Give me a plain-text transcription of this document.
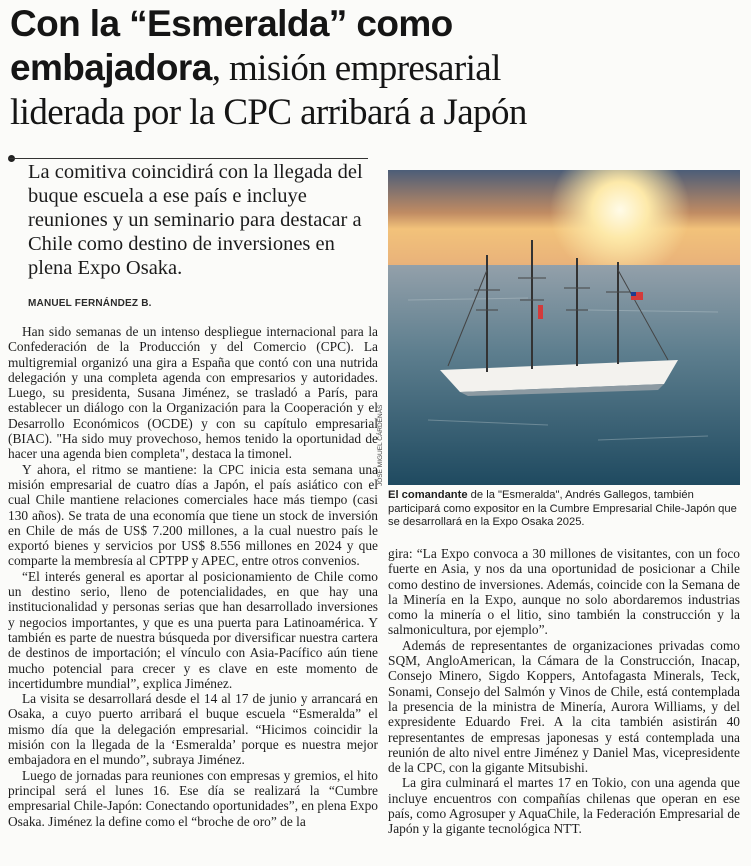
Con la “Esmeralda” como
embajadora, misión empresarial
liderada por la CPC arribará a Japón

La comitiva coincidirá con la llegada del buque escuela a ese país e incluye reuniones y un seminario para destacar a Chile como destino de inversiones en plena Expo Osaka.

MANUEL FERNÁNDEZ B.

Han sido semanas de un intenso despliegue internacional para la Confederación de la Producción y del Comercio (CPC). La multigremial organizó una gira a España que contó con una nutrida delegación y una completa agenda con empresarios y autoridades. Luego, su presidenta, Susana Jiménez, se trasladó a París, para establecer un diálogo con la Organización para la Cooperación y el Desarrollo Económicos (OCDE) y con su capítulo empresarial (BIAC). "Ha sido muy provechoso, hemos tenido la oportunidad de hacer una agenda bien completa", destaca la timonel.

Y ahora, el ritmo se mantiene: la CPC inicia esta semana una misión empresarial de cuatro días a Japón, el país asiático con el cual Chile mantiene relaciones comerciales hace más tiempo (casi 130 años). Se trata de una economía que tiene un stock de inversión en Chile de más de US$ 7.200 millones, a la cual nuestro país le exportó bienes y servicios por US$ 8.556 millones en 2024 y que comparte la membresía al CPTPP y APEC, entre otros convenios.

“El interés general es aportar al posicionamiento de Chile como un destino serio, lleno de potencialidades, en que hay una institucionalidad y personas serias que han desarrollado inversiones y negocios importantes, y que es una puerta para Latinoamérica. Y también es parte de nuestra búsqueda por diversificar nuestra cartera de destinos de importación; el vínculo con Asia-Pacífico aún tiene mucho potencial para crecer y es clave en este momento de incertidumbre mundial”, explica Jiménez.

La visita se desarrollará desde el 14 al 17 de junio y arrancará en Osaka, a cuyo puerto arribará el buque escuela “Esmeralda” el mismo día que la delegación empresarial. “Hicimos coincidir la misión con la llegada de la ‘Esmeralda’ porque es nuestra mejor embajadora en el mundo”, subraya Jiménez.

Luego de jornadas para reuniones con empresas y gremios, el hito principal será el lunes 16. Ese día se realizará la “Cumbre empresarial Chile-Japón: Conectando oportunidades”, en plena Expo Osaka. Jiménez la define como el “broche de oro” de la

JOSÉ MIGUEL CÁRDENAS

El comandante de la "Esmeralda", Andrés Gallegos, también participará como expositor en la Cumbre Empresarial Chile-Japón que se desarrollará en la Expo Osaka 2025.

gira: “La Expo convoca a 30 millones de visitantes, con un foco fuerte en Asia, y nos da una oportunidad de posicionar a Chile como destino de inversiones. Además, coincide con la Semana de la Minería en la Expo, aunque no solo abordaremos industrias como la minería o el litio, sino también la construcción y la salmonicultura, por ejemplo”.

Además de representantes de organizaciones privadas como SQM, AngloAmerican, la Cámara de la Construcción, Inacap, Consejo Minero, Sigdo Koppers, Antofagasta Minerals, Teck, Sonami, Consejo del Salmón y Vinos de Chile, está contemplada la presencia de la ministra de Minería, Aurora Williams, y del expresidente Eduardo Frei. A la cita también asistirán 40 representantes de empresas japonesas y está contemplada una reunión de alto nivel entre Jiménez y Daniel Mas, vicepresidente de la CPC, con la gigante Mitsubishi.

La gira culminará el martes 17 en Tokio, con una agenda que incluye encuentros con compañías chilenas que operan en ese país, como Agrosuper y AquaChile, la Federación Empresarial de Japón y la gigante tecnológica NTT.
